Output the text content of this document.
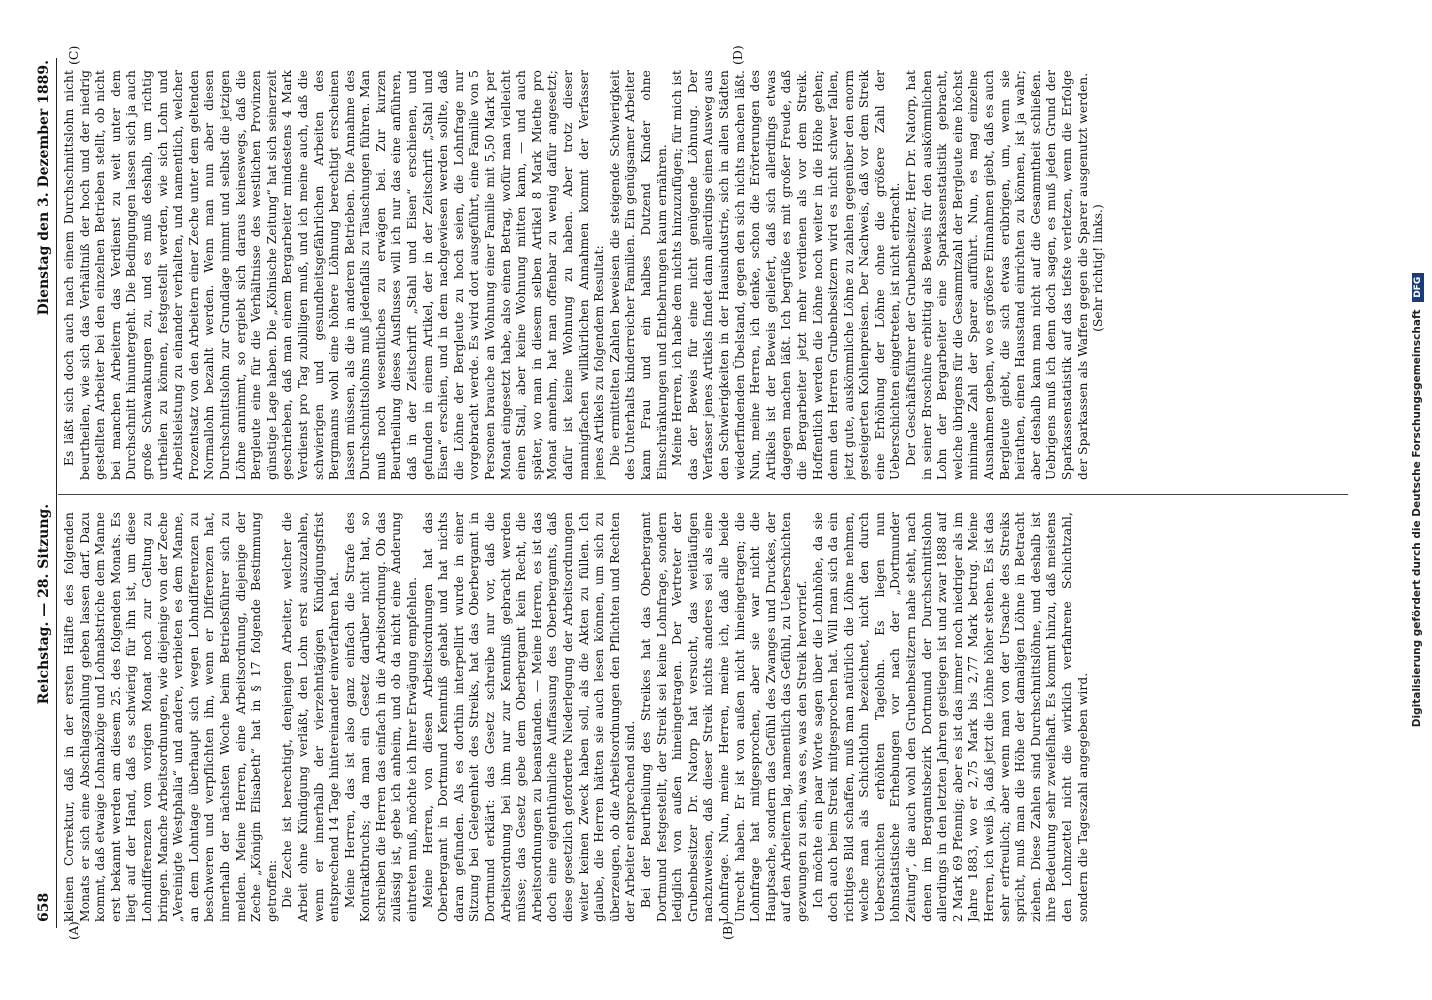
658
Reichstag. — 28. Sitzung.
Dienstag den 3. Dezember 1889.
(A)	(B)
(C)	(D)

kleinen Correktur, daß in der ersten Hälfte des folgenden Monats er sich eine Abschlagszahlung geben lassen darf. Dazu kommt, daß etwaige Lohnabzüge und Lohnabstriche dem Manne erst bekannt werden am diesem 25. des folgenden Monats. Es liegt auf der Hand, daß es schwierig für ihn ist, um diese Lohndifferenzen vom vorigen Monat noch zur Geltung zu bringen. Manche Arbeitsordnungen, wie diejenige von der Zeche „Vereinigte Westphalia“ und andere, verbieten es dem Manne, an dem Lohntage überhaupt sich wegen Lohndifferenzen zu beschweren und verpflichten ihn, wenn er Differenzen hat, innerhalb der nächsten Woche beim Betriebsführer sich zu melden. Meine Herren, eine Arbeitsordnung, diejenige der Zeche „Königin Elisabeth“ hat in § 17 folgende Bestimmung getroffen: Die Zeche ist berechtigt, denjenigen Arbeiter, welcher die Arbeit ohne Kündigung verläßt, den Lohn erst auszuzahlen, wenn er innerhalb der vierzehntägigen Kündigungsfrist entsprechend 14 Tage hintereinander einverfahren hat. Meine Herren, das ist also ganz einfach die Strafe des Kontraktbruchs; da man ein Gesetz darüber nicht hat, so schreiben die Herren das einfach in die Arbeitsordnung. Ob das zulässig ist, gebe ich anheim, und ob da nicht eine Änderung eintreten muß, möchte ich Ihrer Erwägung empfehlen. Meine Herren, von diesen Arbeitsordnungen hat das Oberbergamt in Dortmund Kenntniß gehabt und hat nichts daran gefunden. Als es dorthin interpellirt wurde in einer Sitzung bei Gelegenheit des Streiks, hat das Oberbergamt in Dortmund erklärt: das Gesetz schreibe nur vor, daß die Arbeitsordnung bei ihm nur zur Kenntniß gebracht werden müsse; das Gesetz gebe dem Oberbergamt kein Recht, die Arbeitsordnungen zu beanstanden. — Meine Herren, es ist das doch eine eigenthümliche Auffassung des Oberbergamts, daß diese gesetzlich geforderte Niederlegung der Arbeitsordnungen weiter keinen Zweck haben soll, als die Akten zu füllen. Ich glaube, die Herren hätten sie auch lesen können, um sich zu überzeugen, ob die Arbeitsordnungen den Pflichten und Rechten der Arbeiter entsprechend sind. Bei der Beurtheilung des Streikes hat das Oberbergamt Dortmund festgestellt, der Streik sei keine Lohnfrage, sondern lediglich von außen hineingetragen. Der Vertreter der Grubenbesitzer Dr. Natorp hat versucht, das weitläufigen nachzuweisen, daß dieser Streik nichts anderes sei als eine Lohnfrage. Nun, meine Herren, meine ich, daß alle beide Unrecht haben. Er ist von außen nicht hineingetragen; die Lohnfrage hat mitgesprochen, aber sie war nicht die Hauptsache, sondern das Gefühl des Zwanges und Druckes, der auf den Arbeitern lag, namentlich das Gefühl, zu Ueberschichten gezwungen zu sein, was es, was den Streik hervorrief. Ich möchte ein paar Worte sagen über die Lohnhöhe, da sie doch auch beim Streik mitgesprochen hat. Will man sich da ein richtiges Bild schaffen, muß man natürlich die Löhne nehmen, welche man als Schichtlohn bezeichnet, nicht den durch Ueberschichten erhöhten Tagelohn. Es liegen nun lohnstatistische Erhebungen vor nach der „Dortmunder Zeitung“, die auch wohl den Grubenbesitzern nahe steht, nach denen im Bergamtsbezirk Dortmund der Durchschnittslohn allerdings in den letzten Jahren gestiegen ist und zwar 1888 auf 2 Mark 69 Pfennig; aber es ist das immer noch niedriger als im Jahre 1883, wo er 2,75 Mark bis 2,77 Mark betrug. Meine Herren, ich weiß ja, daß jetzt die Löhne höher stehen. Es ist das sehr erfreulich; aber wenn man von der Ursache des Streiks spricht, muß man die Höhe der damaligen Löhne in Betracht ziehen. Diese Zahlen sind Durchschnittslöhne, und deshalb ist ihre Bedeutung sehr zweifelhaft. Es kommt hinzu, daß meistens den Lohnzettel nicht die wirklich verfahrene Schichtzahl, sondern die Tageszahl angegeben wird.

Es läßt sich doch auch nach einem Durchschnittslohn nicht beurtheilen, wie sich das Verhältniß der hoch und der niedrig gestellten Arbeiter bei den einzelnen Betrieben stellt, ob nicht bei manchen Arbeitern das Verdienst zu weit unter dem Durchschnitt hinuntergeht. Die Bedingungen lassen sich ja auch große Schwankungen zu, und es muß deshalb, um richtig urtheilen zu können, festgestellt werden, wie sich Lohn und Arbeitsleistung zu einander verhalten, und namentlich, welcher Prozentsatz von den Arbeitern einer Zeche unter dem geltenden Normallohn bezahlt werden. Wenn man nun aber diesen Durchschnittslohn zur Grundlage nimmt und selbst die jetzigen Löhne annimmt, so ergiebt sich daraus keineswegs, daß die Bergleute eine für die Verhältnisse des westlichen Provinzen günstige Lage haben. Die „Kölnische Zeitung“ hat sich seinerzeit geschrieben, daß man einem Bergarbeiter mindestens 4 Mark Verdienst pro Tag zubilligen muß, und ich meine auch, daß die schwierigen und gesundheitsgefährlichen Arbeiten des Bergmanns wohl eine höhere Löhnung berechtigt erscheinen lassen müssen, als die in anderen Betrieben. Die Annahme des Durchschnittslohns muß jedenfalls zu Täuschungen führen. Man muß noch wesentliches zu erwägen bei. Zur kurzen Beurtheilung dieses Ausflusses will ich nur das eine anführen, daß in der Zeitschrift „Stahl und Eisen“ erschienen, und gefunden in einem Artikel, der in der Zeitschrift „Stahl und Eisen“ erschien, und in dem nachgewiesen werden sollte, daß die Löhne der Bergleute zu hoch seien, die Lohnfrage nur vorgebracht werde. Es wird dort ausgeführt, eine Familie von 5 Personen brauche an Wohnung einer Familie mit 5,50 Mark per Monat eingesetzt habe, also einen Betrag, wofür man vielleicht einen Stall, aber keine Wohnung mitten kann, — und auch später, wo man in diesem selben Artikel 8 Mark Miethe pro Monat annehm, hat man offenbar zu wenig dafür angesetzt; dafür ist keine Wohnung zu haben. Aber trotz dieser mannigfachen willkürlichen Annahmen kommt der Verfasser jenes Artikels zu folgendem Resultat: Die ermittelten Zahlen beweisen die steigende Schwierigkeit des Unterhalts kinderreicher Familien. Ein genügsamer Arbeiter kann Frau und ein halbes Dutzend Kinder ohne Einschränkungen und Entbehrungen kaum ernähren. Meine Herren, ich habe dem nichts hinzuzufügen; für mich ist das der Beweis für eine nicht genügende Löhnung. Der Verfasser jenes Artikels findet dann allerdings einen Ausweg aus den Schwierigkeiten in der Hausindustrie, sich in allen Städten wiederfindenden Übelstand, gegen den sich nichts machen läßt. Nun, meine Herren, ich denke, schon die Erörterungen des Artikels ist der Beweis geliefert, daß sich allerdings etwas dagegen machen läßt. Ich begrüße es mit großer Freude, daß die Bergarbeiter jetzt mehr verdienen als vor dem Streik. Hoffentlich werden die Löhne noch weiter in die Höhe gehen; denn den Herren Grubenbesitzern wird es nicht schwer fallen, jetzt gute, auskömmliche Löhne zu zahlen gegenüber den enorm gesteigerten Kohlenpreisen. Der Nachweis, daß vor dem Streik eine Erhöhung der Löhne ohne die größere Zahl der Ueberschichten eingetreten, ist nicht erbracht. Der Geschäftsführer der Grubenbesitzer, Herr Dr. Natorp, hat in seiner Broschüre erbittig als Beweis für den auskömmlichen Lohn der Bergarbeiter eine Sparkassenstatistik gebracht, welche übrigens für die Gesammtzahl der Bergleute eine höchst minimale Zahl der Sparer aufführt. Nun, es mag einzelne Ausnahmen geben, wo es größere Einnahmen giebt, daß es auch Bergleute giebt, die sich etwas erübrigen, um, wenn sie heirathen, einen Hausstand einrichten zu können, ist ja wahr; aber deshalb kann man nicht auf die Gesammtheit schließen. Uebrigens muß ich denn doch sagen, es muß jeden Grund der Sparkassenstatistik auf das tiefste verletzen, wenn die Erfolge der Sparkassen als Waffen gegen die Sparer ausgenutzt werden. (Sehr richtig! links.)

Digitalisierung gefördert durch die Deutsche Forschungsgemeinschaft DFG
